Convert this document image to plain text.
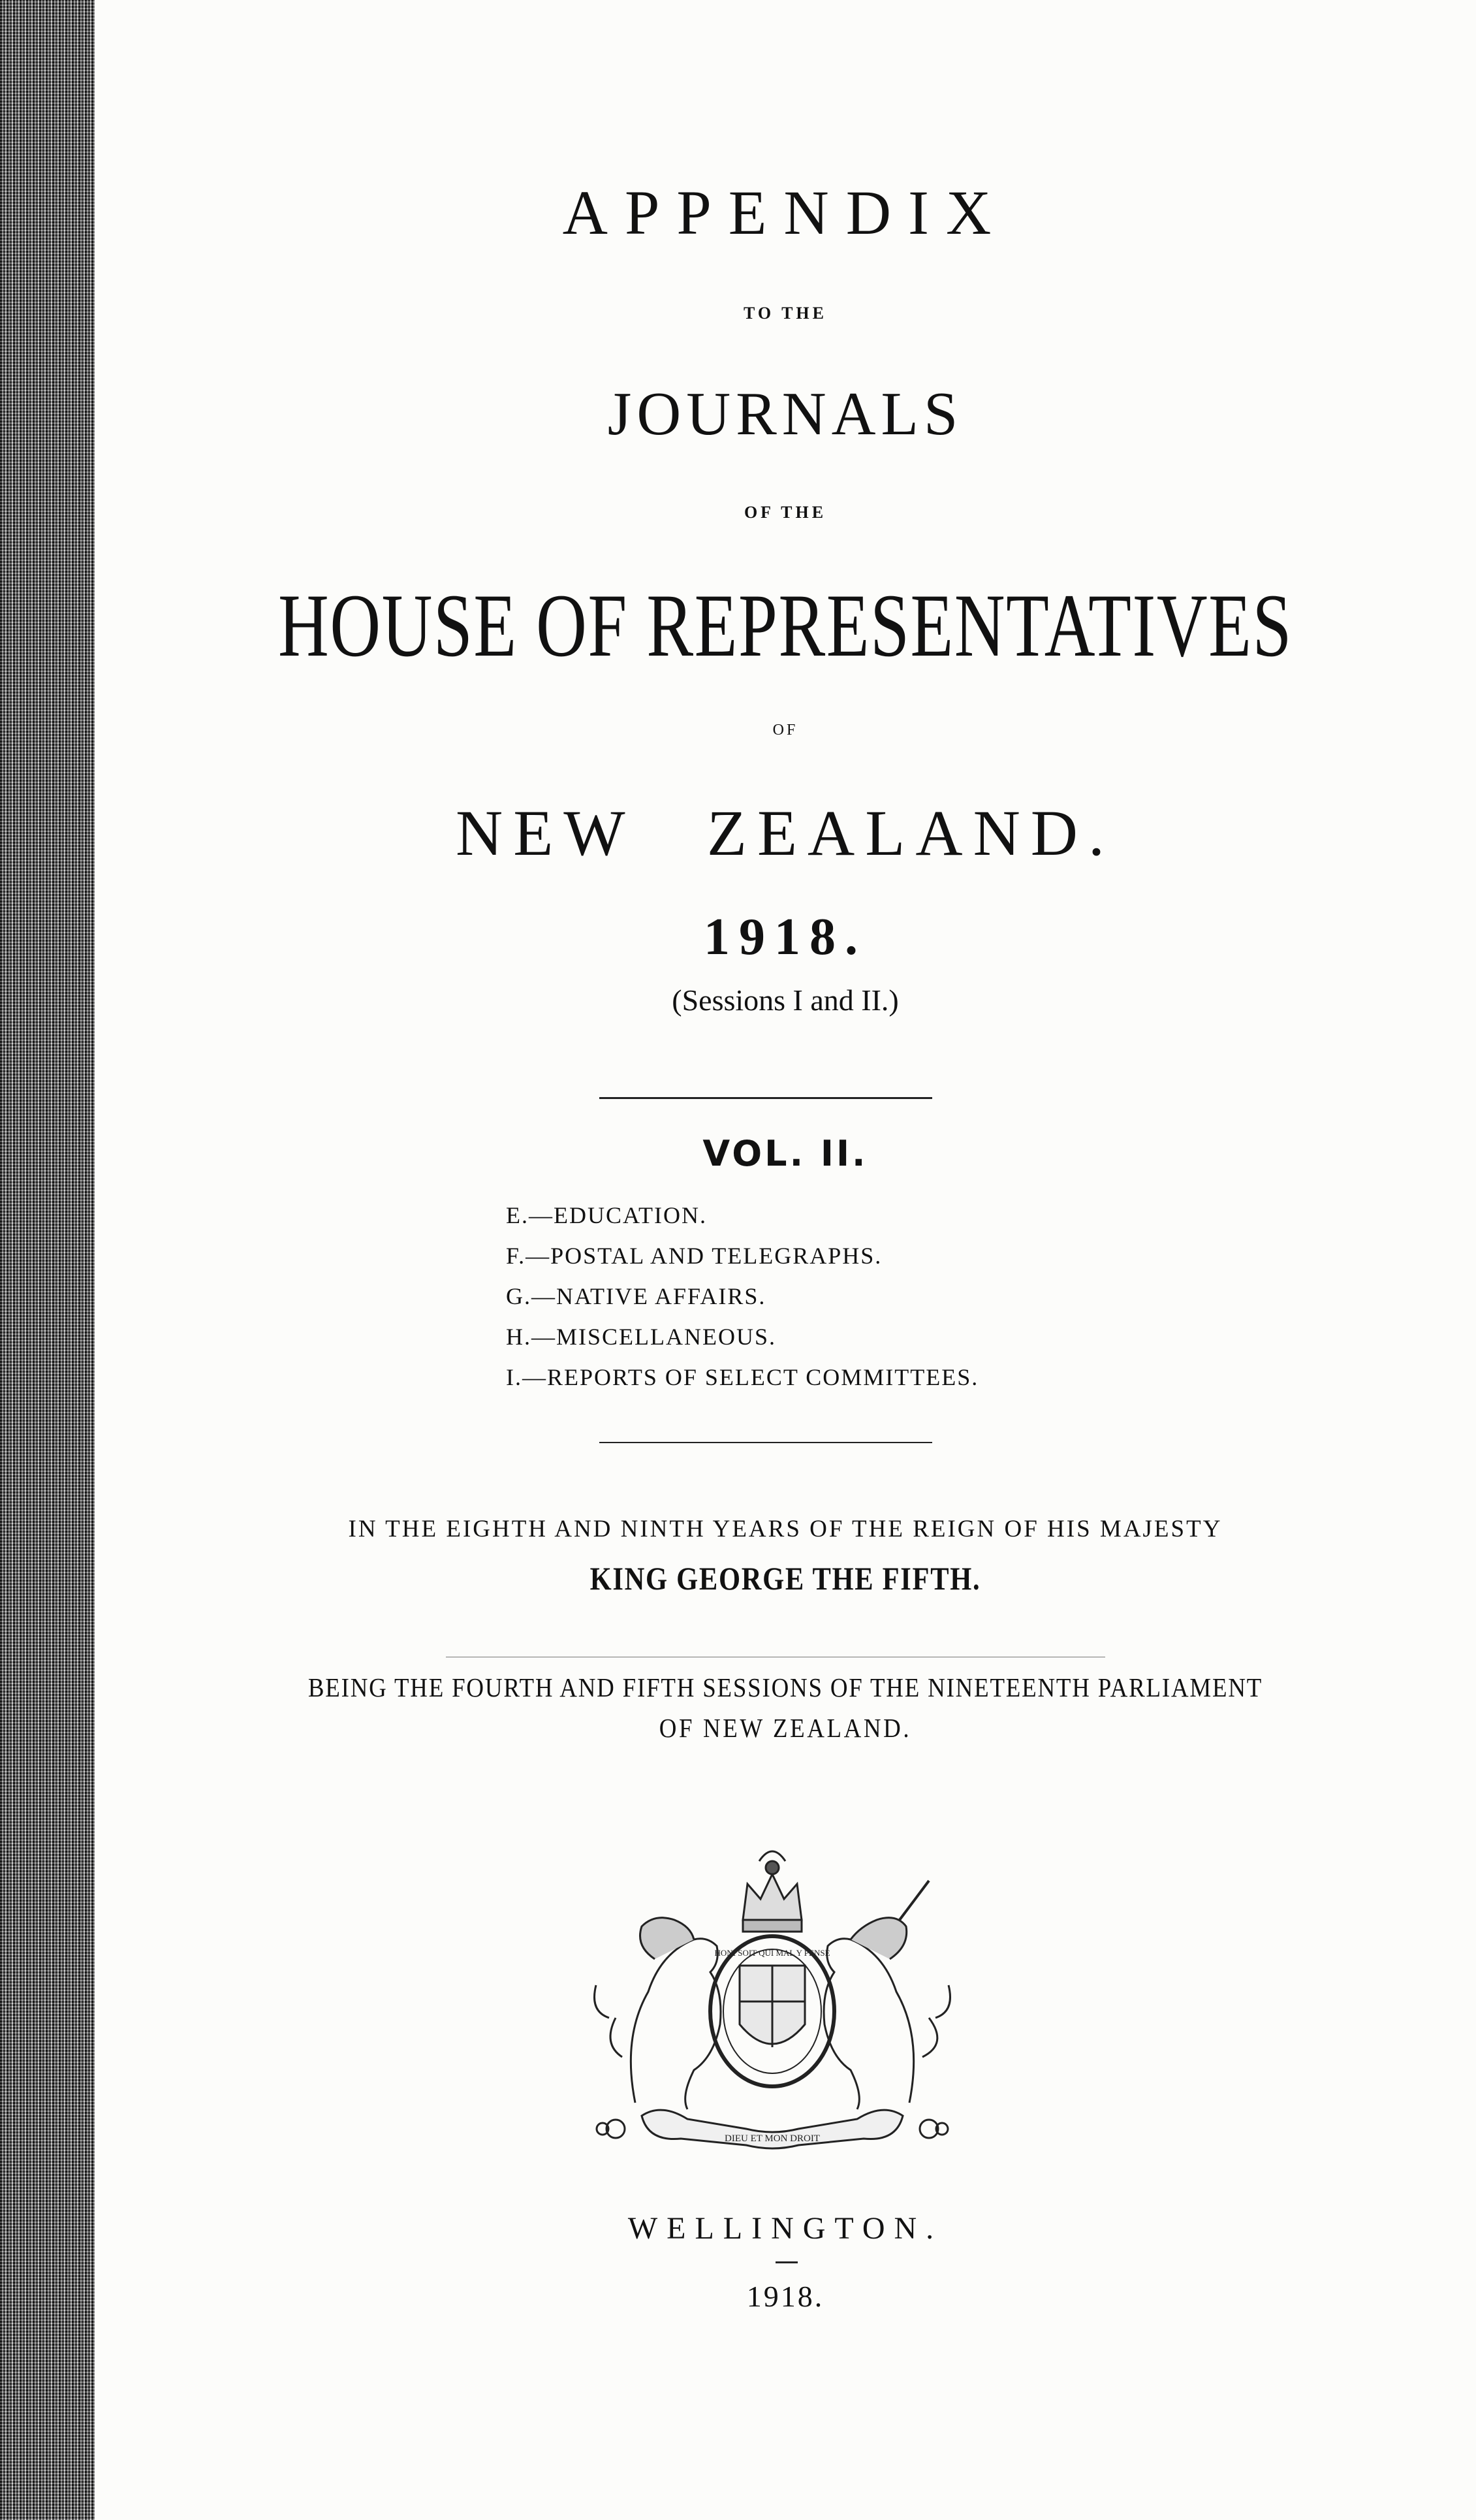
APPENDIX
TO THE
JOURNALS
OF THE
HOUSE OF REPRESENTATIVES
OF
NEW ZEALAND.
1918.
(Sessions I and II.)
VOL. II.
E.—EDUCATION.
F.—POSTAL AND TELEGRAPHS.
G.—NATIVE AFFAIRS.
H.—MISCELLANEOUS.
I.—REPORTS OF SELECT COMMITTEES.
IN THE EIGHTH AND NINTH YEARS OF THE REIGN OF HIS MAJESTY
KING GEORGE THE FIFTH.
BEING THE FOURTH AND FIFTH SESSIONS OF THE NINETEENTH PARLIAMENT
OF NEW ZEALAND.
HONI SOIT QUI MAL Y PENSE
DIEU ET MON DROIT
WELLINGTON.
1918.
